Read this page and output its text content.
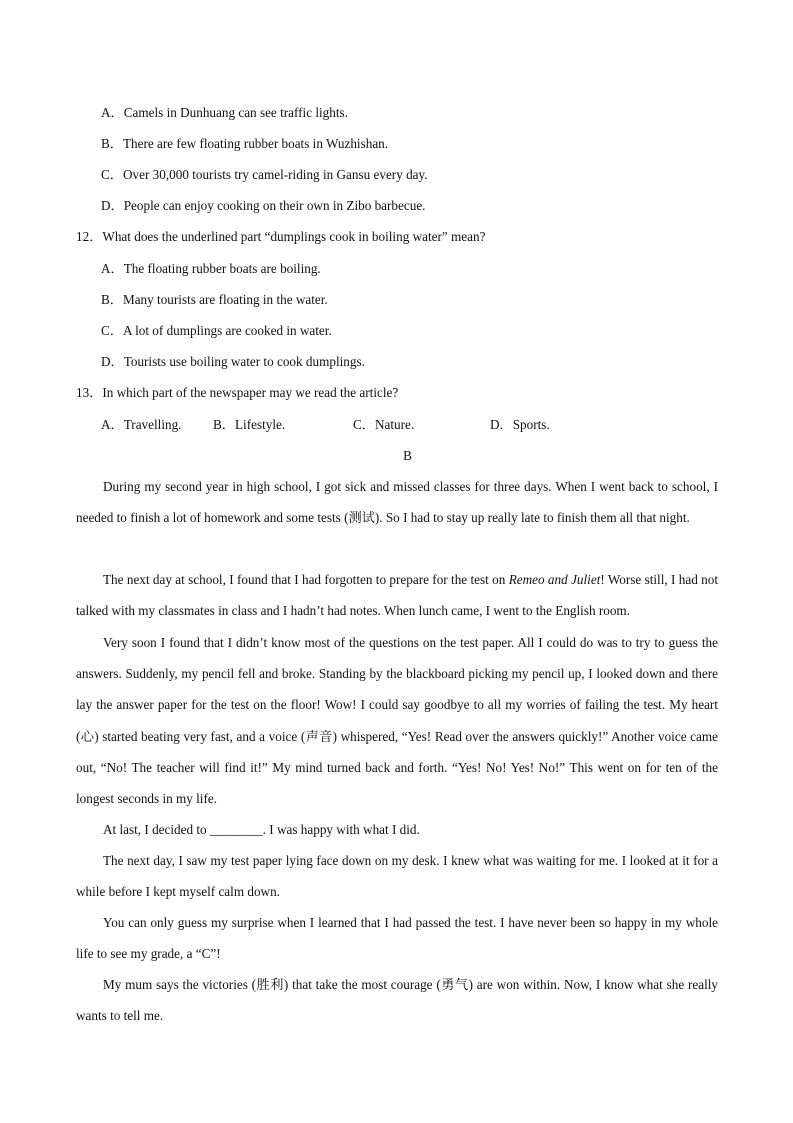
A．Camels in Dunhuang can see traffic lights.
B．There are few floating rubber boats in Wuzhishan.
C．Over 30,000 tourists try camel-riding in Gansu every day.
D．People can enjoy cooking on their own in Zibo barbecue.
12．What does the underlined part “dumplings cook in boiling water” mean?
A．The floating rubber boats are boiling.
B．Many tourists are floating in the water.
C．A lot of dumplings are cooked in water.
D．Tourists use boiling water to cook dumplings.
13．In which part of the newspaper may we read the article?
A．Travelling. B．Lifestyle.	C．Nature.	D．Sports.
B
During my second year in high school, I got sick and missed classes for three days. When I went back to school, I needed to finish a lot of homework and some tests (测试). So I had to stay up really late to finish them all that night.
The next day at school, I found that I had forgotten to prepare for the test on Remeo and Juliet! Worse still, I had not talked with my classmates in class and I hadn’t had notes. When lunch came, I went to the English room.
Very soon I found that I didn’t know most of the questions on the test paper. All I could do was to try to guess the answers. Suddenly, my pencil fell and broke. Standing by the blackboard picking my pencil up, I looked down and there lay the answer paper for the test on the floor! Wow! I could say goodbye to all my worries of failing the test. My heart (心) started beating very fast, and a voice (声音) whispered, “Yes! Read over the answers quickly!” Another voice came out, “No! The teacher will find it!” My mind turned back and forth. “Yes! No! Yes! No!” This went on for ten of the longest seconds in my life.
At last, I decided to ________. I was happy with what I did.
The next day, I saw my test paper lying face down on my desk. I knew what was waiting for me. I looked at it for a while before I kept myself calm down.
You can only guess my surprise when I learned that I had passed the test. I have never been so happy in my whole life to see my grade, a “C”!
My mum says the victories (胜利) that take the most courage (勇气) are won within. Now, I know what she really wants to tell me.
